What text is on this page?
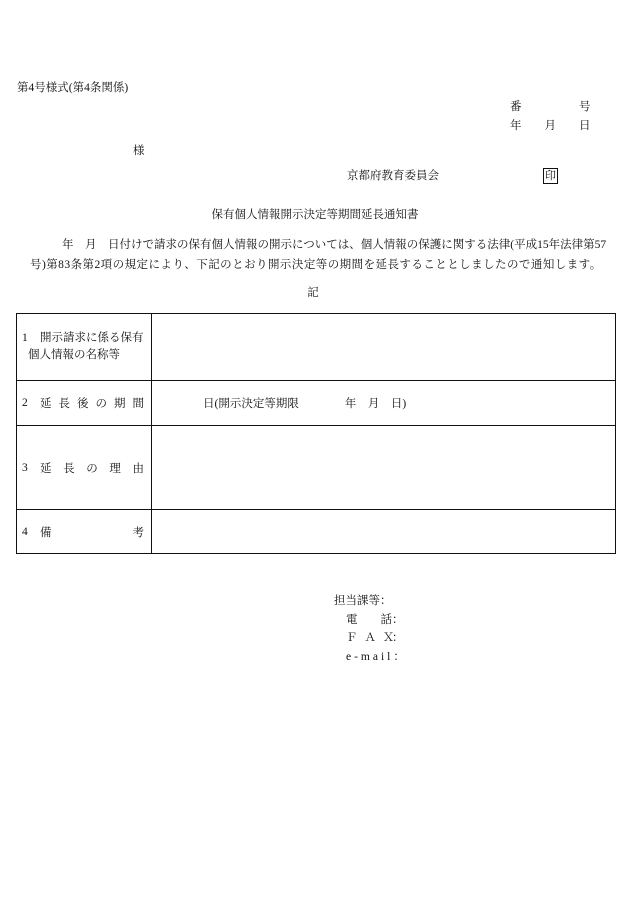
第4号様式(第4条関係)
番　　　　　号
年　　月　　日
様
京都府教育委員会	印
保有個人情報開示決定等期間延長通知書
年　月　日付けで請求の保有個人情報の開示については、個人情報の保護に関する法律(平成15年法律第57
号)第83条第2項の規定により、下記のとおり開示決定等の期間を延長することとしましたので通知します。
記
1	開示請求に係る保有
個人情報の名称等
2	延長後の期間	日(開示決定等期限　　　　年　月　日)
3	延長の理由
4	備考
担当課等：
電　　話：
Ｆ　Ａ　Ｘ：
e-mail：
